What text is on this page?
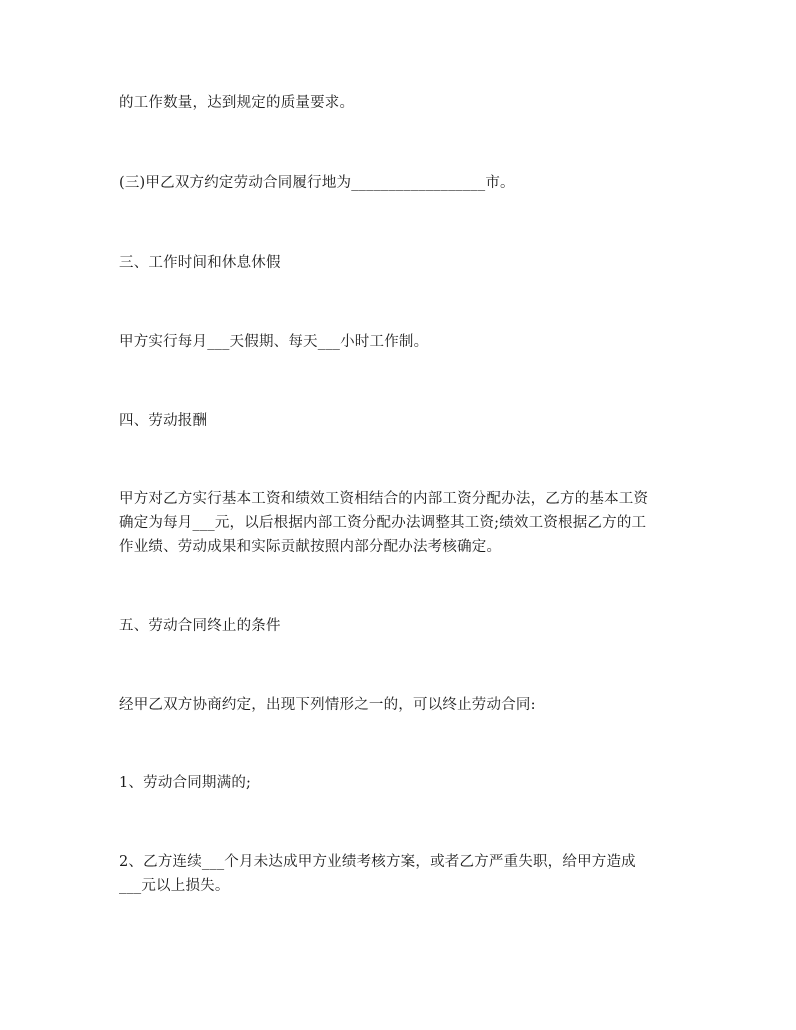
的工作数量，达到规定的质量要求。
(三)甲乙双方约定劳动合同履行地为__________________市。
三、工作时间和休息休假
甲方实行每月___天假期、每天___小时工作制。
四、劳动报酬
甲方对乙方实行基本工资和绩效工资相结合的内部工资分配办法，乙方的基本工资
确定为每月___元，以后根据内部工资分配办法调整其工资;绩效工资根据乙方的工
作业绩、劳动成果和实际贡献按照内部分配办法考核确定。
五、劳动合同终止的条件
经甲乙双方协商约定，出现下列情形之一的，可以终止劳动合同:
1、劳动合同期满的;
2、乙方连续___个月未达成甲方业绩考核方案，或者乙方严重失职，给甲方造成
___元以上损失。
